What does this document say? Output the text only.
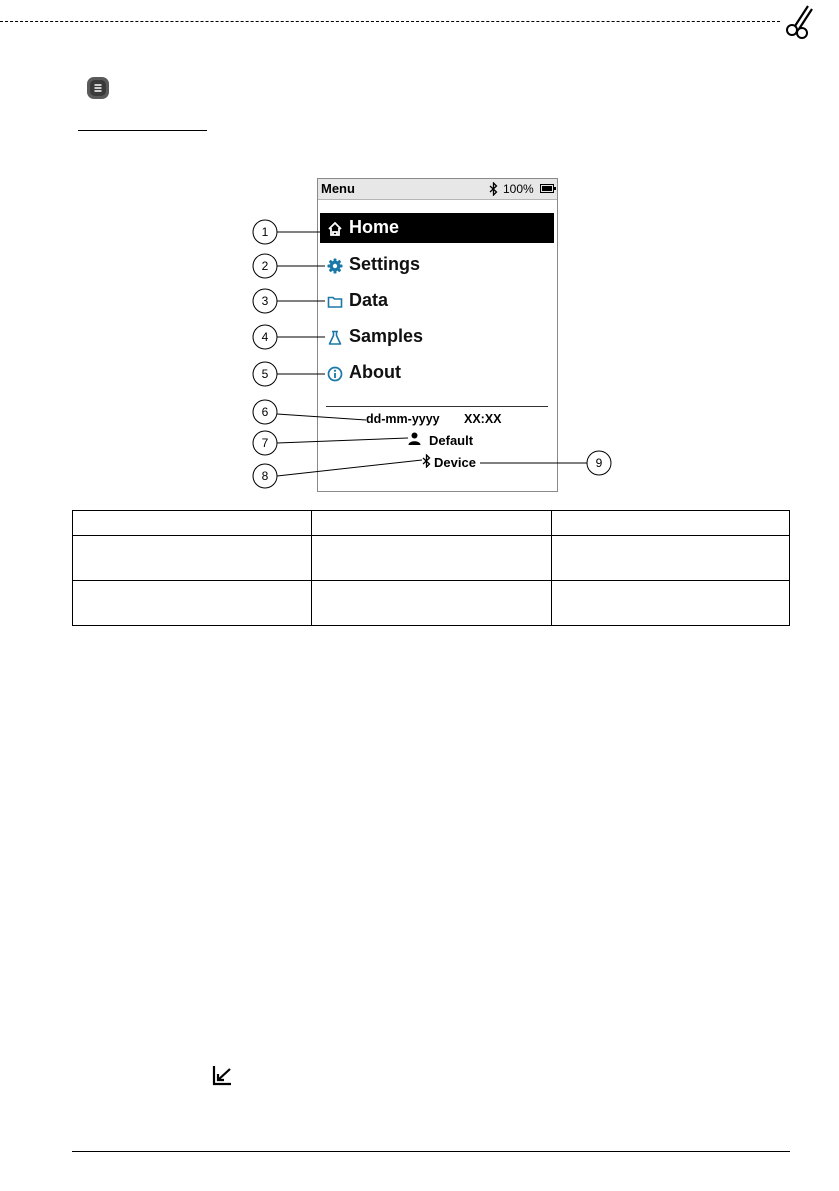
Menu	100%
Home
Settings
Data
Samples
About
dd-mm-yyyy XX:XX
Default
Device
1
2
3
4
5
6
7
8
9
